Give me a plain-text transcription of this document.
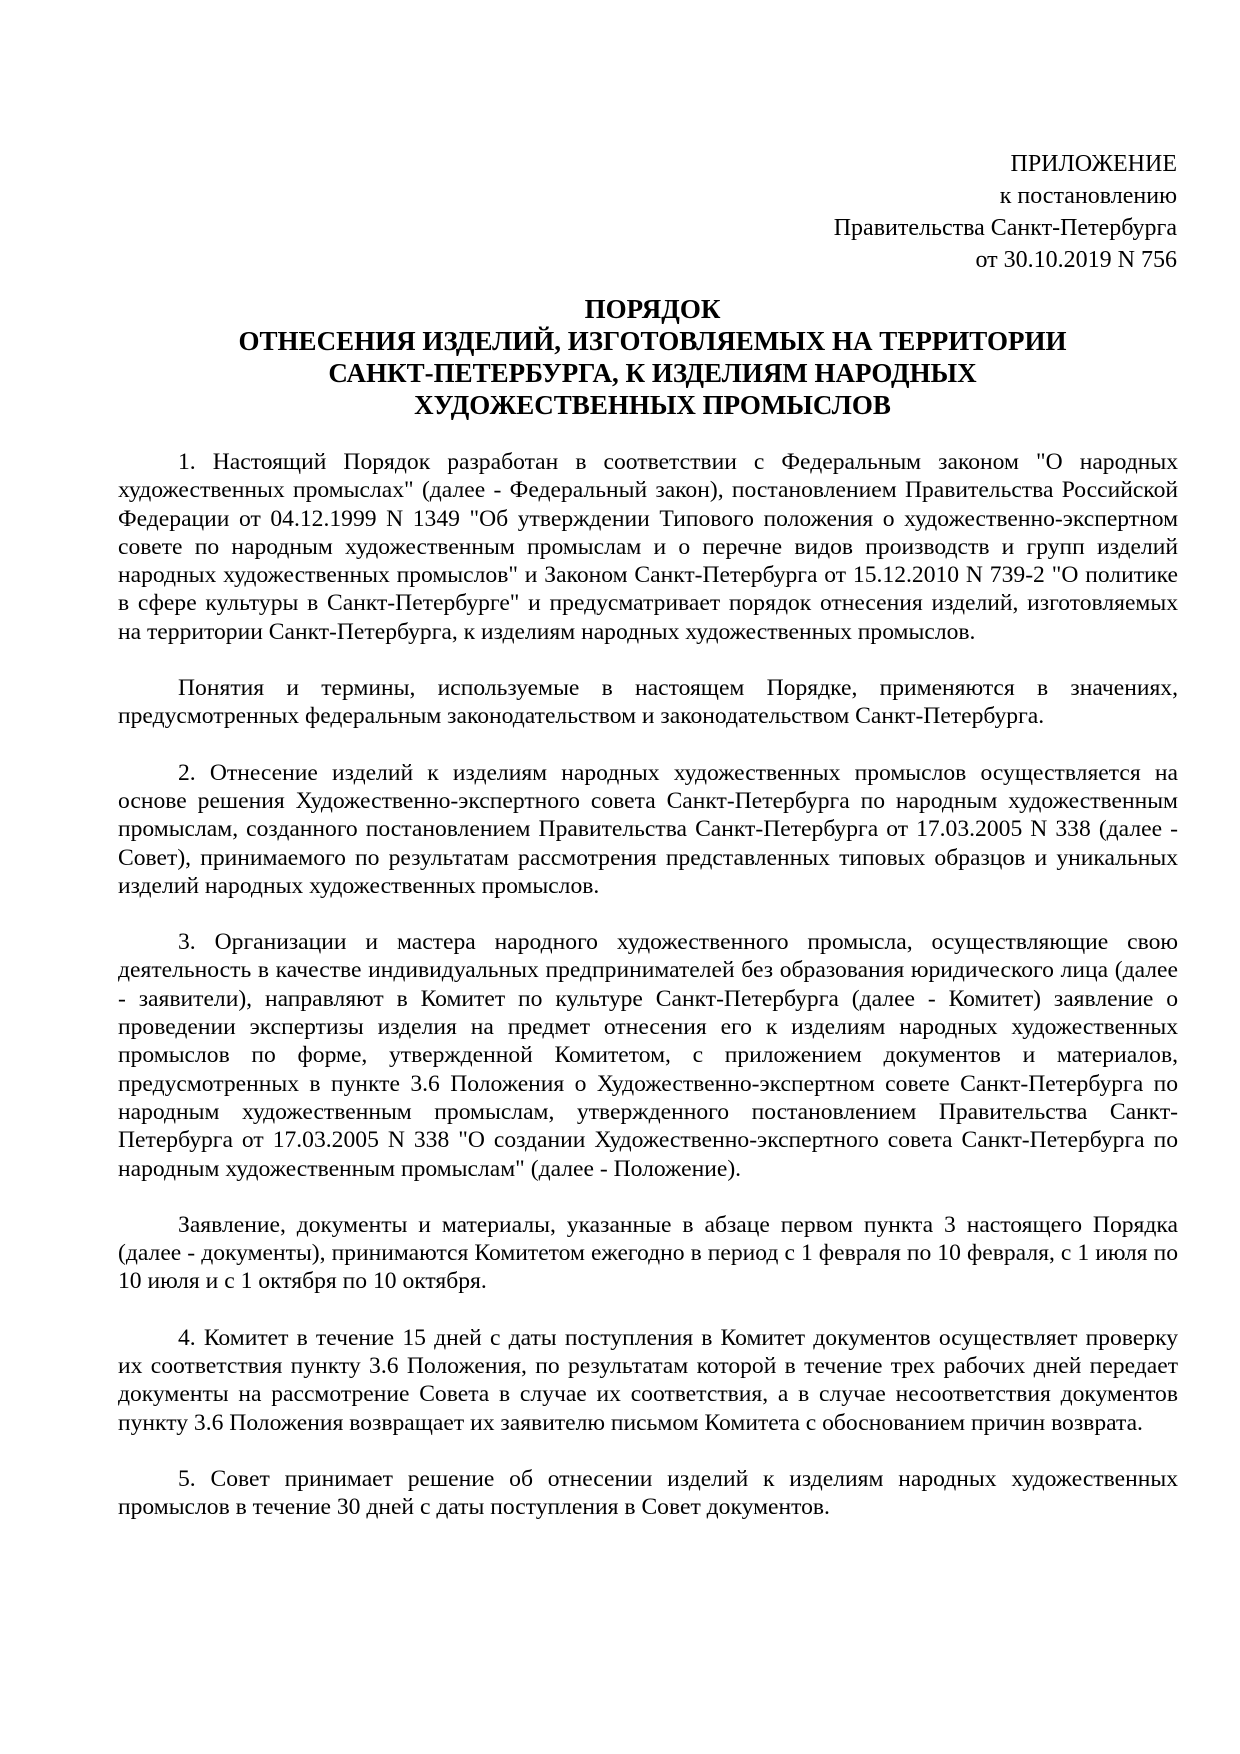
ПРИЛОЖЕНИЕ
к постановлению
Правительства Санкт-Петербурга
от 30.10.2019 N 756
ПОРЯДОК
ОТНЕСЕНИЯ ИЗДЕЛИЙ, ИЗГОТОВЛЯЕМЫХ НА ТЕРРИТОРИИ
САНКТ-ПЕТЕРБУРГА, К ИЗДЕЛИЯМ НАРОДНЫХ
ХУДОЖЕСТВЕННЫХ ПРОМЫСЛОВ

1. Настоящий Порядок разработан в соответствии с Федеральным законом "О народных художественных промыслах" (далее - Федеральный закон), постановлением Правительства Российской Федерации от 04.12.1999 N 1349 "Об утверждении Типового положения о художественно-экспертном совете по народным художественным промыслам и о перечне видов производств и групп изделий народных художественных промыслов" и Законом Санкт-Петербурга от 15.12.2010 N 739-2 "О политике в сфере культуры в Санкт-Петербурге" и предусматривает порядок отнесения изделий, изготовляемых на территории Санкт-Петербурга, к изделиям народных художественных промыслов.

Понятия и термины, используемые в настоящем Порядке, применяются в значениях, предусмотренных федеральным законодательством и законодательством Санкт-Петербурга.

2. Отнесение изделий к изделиям народных художественных промыслов осуществляется на основе решения Художественно-экспертного совета Санкт-Петербурга по народным художественным промыслам, созданного постановлением Правительства Санкт-Петербурга от 17.03.2005 N 338 (далее - Совет), принимаемого по результатам рассмотрения представленных типовых образцов и уникальных изделий народных художественных промыслов.

3. Организации и мастера народного художественного промысла, осуществляющие свою деятельность в качестве индивидуальных предпринимателей без образования юридического лица (далее - заявители), направляют в Комитет по культуре Санкт-Петербурга (далее - Комитет) заявление о проведении экспертизы изделия на предмет отнесения его к изделиям народных художественных промыслов по форме, утвержденной Комитетом, с приложением документов и материалов, предусмотренных в пункте 3.6 Положения о Художественно-экспертном совете Санкт-Петербурга по народным художественным промыслам, утвержденного постановлением Правительства Санкт-Петербурга от 17.03.2005 N 338 "О создании Художественно-экспертного совета Санкт-Петербурга по народным художественным промыслам" (далее - Положение).

Заявление, документы и материалы, указанные в абзаце первом пункта 3 настоящего Порядка (далее - документы), принимаются Комитетом ежегодно в период с 1 февраля по 10 февраля, с 1 июля по 10 июля и с 1 октября по 10 октября.

4. Комитет в течение 15 дней с даты поступления в Комитет документов осуществляет проверку их соответствия пункту 3.6 Положения, по результатам которой в течение трех рабочих дней передает документы на рассмотрение Совета в случае их соответствия, а в случае несоответствия документов пункту 3.6 Положения возвращает их заявителю письмом Комитета с обоснованием причин возврата.

5. Совет принимает решение об отнесении изделий к изделиям народных художественных промыслов в течение 30 дней с даты поступления в Совет документов.
